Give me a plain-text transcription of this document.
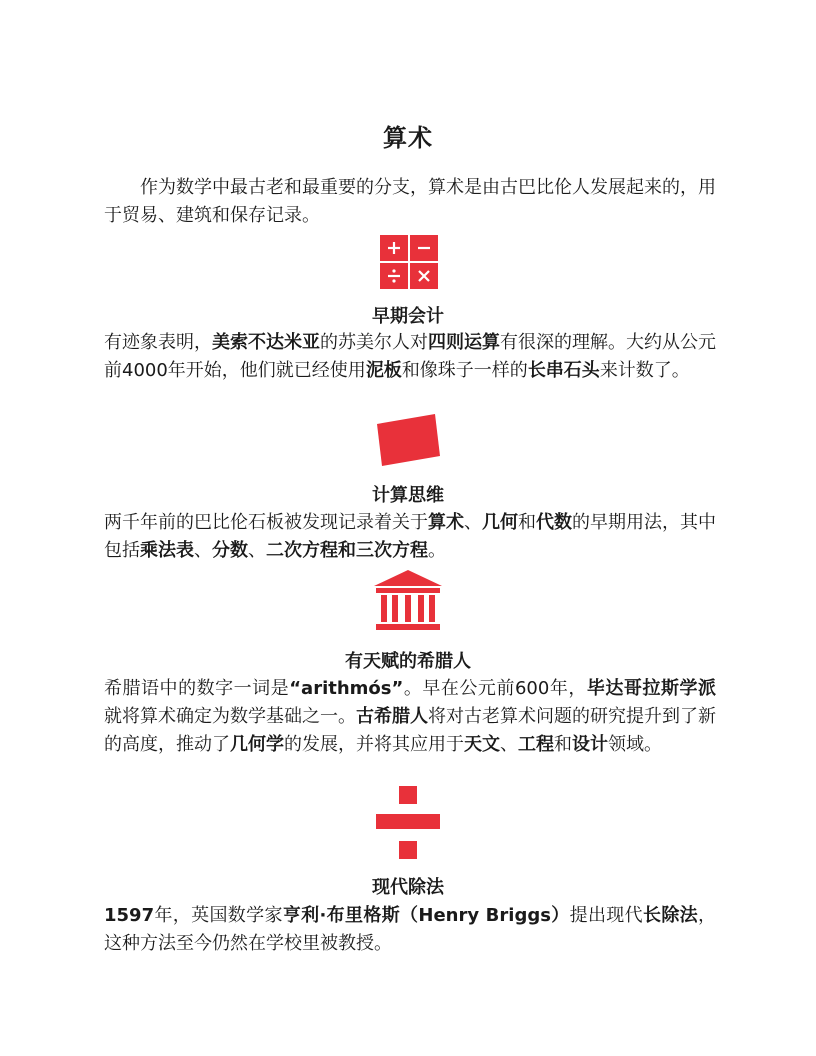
算术

作为数学中最古老和最重要的分支，算术是由古巴比伦人发展起来的，用于贸易、建筑和保存记录。

早期会计

有迹象表明，美索不达米亚的苏美尔人对四则运算有很深的理解。大约从公元前4000年开始，他们就已经使用泥板和像珠子一样的长串石头来计数了。

计算思维

两千年前的巴比伦石板被发现记录着关于算术、几何和代数的早期用法，其中包括乘法表、分数、二次方程和三次方程。

有天赋的希腊人

希腊语中的数字一词是“arithmós”。早在公元前600年，毕达哥拉斯学派就将算术确定为数学基础之一。古希腊人将对古老算术问题的研究提升到了新的高度，推动了几何学的发展，并将其应用于天文、工程和设计领域。

现代除法

1597年，英国数学家亨利·布里格斯（Henry Briggs）提出现代长除法，这种方法至今仍然在学校里被教授。
